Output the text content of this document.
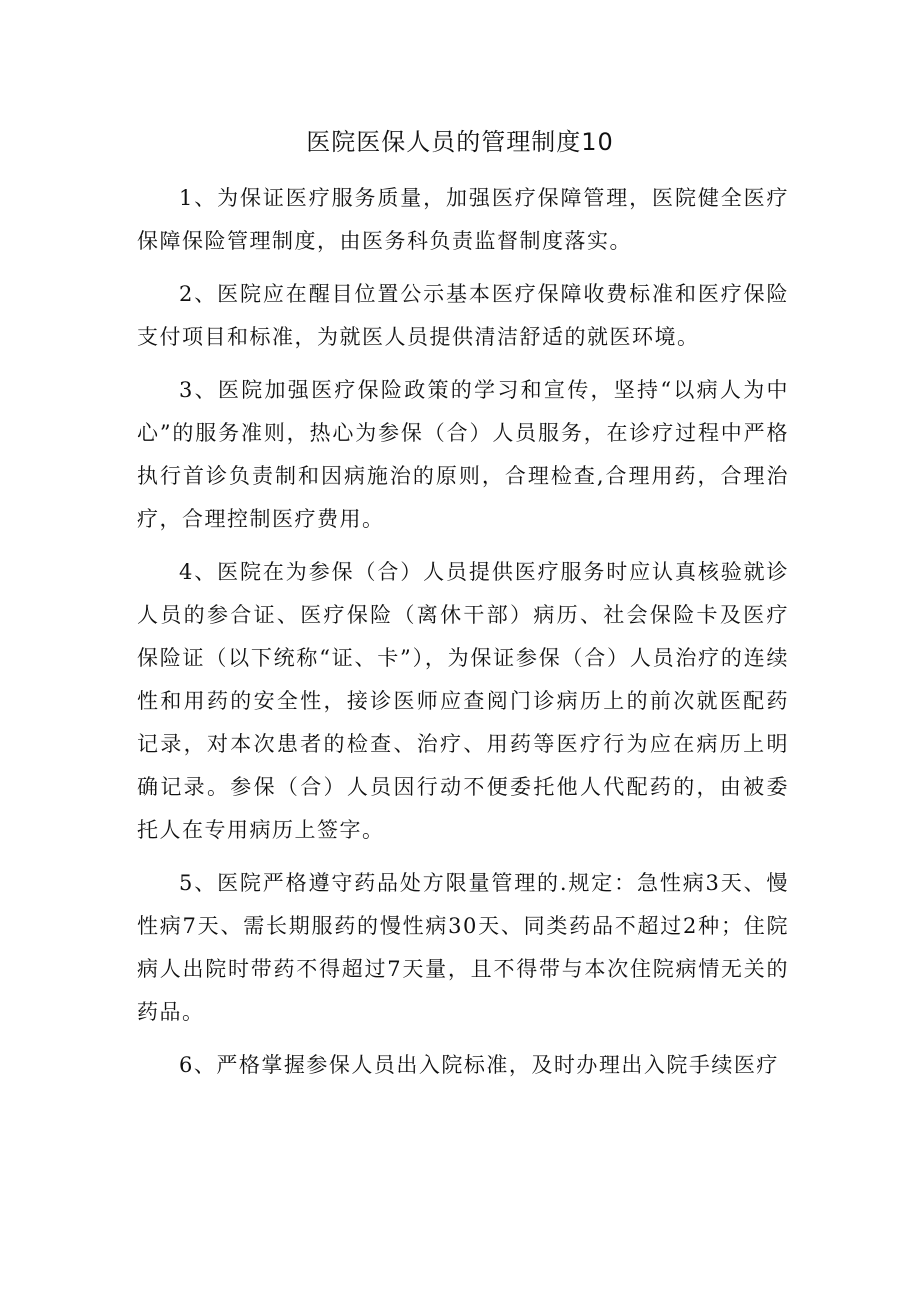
医院医保人员的管理制度10

1、为保证医疗服务质量，加强医疗保障管理，医院健全医疗保障保险管理制度，由医务科负责监督制度落实。

2、医院应在醒目位置公示基本医疗保障收费标准和医疗保险支付项目和标准，为就医人员提供清洁舒适的就医环境。

3、医院加强医疗保险政策的学习和宣传，坚持“以病人为中心”的服务准则，热心为参保（合）人员服务，在诊疗过程中严格执行首诊负责制和因病施治的原则，合理检查,合理用药，合理治疗，合理控制医疗费用。

4、医院在为参保（合）人员提供医疗服务时应认真核验就诊人员的参合证、医疗保险（离休干部）病历、社会保险卡及医疗保险证（以下统称“证、卡”），为保证参保（合）人员治疗的连续性和用药的安全性，接诊医师应查阅门诊病历上的前次就医配药记录，对本次患者的检查、治疗、用药等医疗行为应在病历上明确记录。参保（合）人员因行动不便委托他人代配药的，由被委托人在专用病历上签字。

5、医院严格遵守药品处方限量管理的.规定：急性病3天、慢性病7天、需长期服药的慢性病30天、同类药品不超过2种；住院病人出院时带药不得超过7天量，且不得带与本次住院病情无关的药品。

6、严格掌握参保人员出入院标准，及时办理出入院手续医疗
